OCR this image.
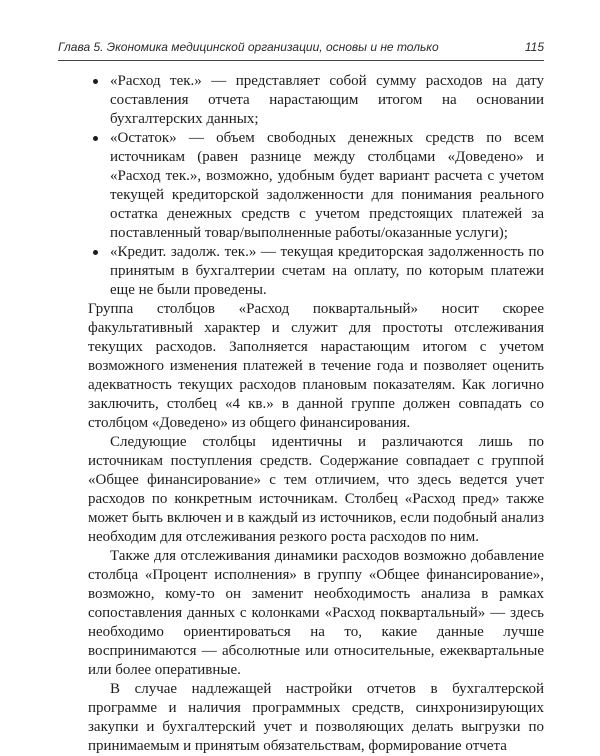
Глава 5. Экономика медицинской организации, основы и не только	115
«Расход тек.» — представляет собой сумму расходов на дату составления отчета нарастающим итогом на основании бухгалтерских данных;
«Остаток» — объем свободных денежных средств по всем источникам (равен разнице между столбцами «Доведено» и «Расход тек.», возможно, удобным будет вариант расчета с учетом текущей кредиторской задолженности для понимания реального остатка денежных средств с учетом предстоящих платежей за поставленный товар/выполненные работы/оказанные услуги);
«Кредит. задолж. тек.» — текущая кредиторская задолженность по принятым в бухгалтерии счетам на оплату, по которым платежи еще не были проведены.

Группа столбцов «Расход поквартальный» носит скорее факультативный характер и служит для простоты отслеживания текущих расходов. Заполняется нарастающим итогом с учетом возможного изменения платежей в течение года и позволяет оценить адекватность текущих расходов плановым показателям. Как логично заключить, столбец «4 кв.» в данной группе должен совпадать со столбцом «Доведено» из общего финансирования.

Следующие столбцы идентичны и различаются лишь по источникам поступления средств. Содержание совпадает с группой «Общее финансирование» с тем отличием, что здесь ведется учет расходов по конкретным источникам. Столбец «Расход пред» также может быть включен и в каждый из источников, если подобный анализ необходим для отслеживания резкого роста расходов по ним.

Также для отслеживания динамики расходов возможно добавление столбца «Процент исполнения» в группу «Общее финансирование», возможно, кому-то он заменит необходимость анализа в рамках сопоставления данных с колонками «Расход поквартальный» — здесь необходимо ориентироваться на то, какие данные лучше воспринимаются — абсолютные или относительные, ежеквартальные или более оперативные.

В случае надлежащей настройки отчетов в бухгалтерской программе и наличия программных средств, синхронизирующих закупки и бухгалтерский учет и позволяющих делать выгрузки по принимаемым и принятым обязательствам, формирование отчета
